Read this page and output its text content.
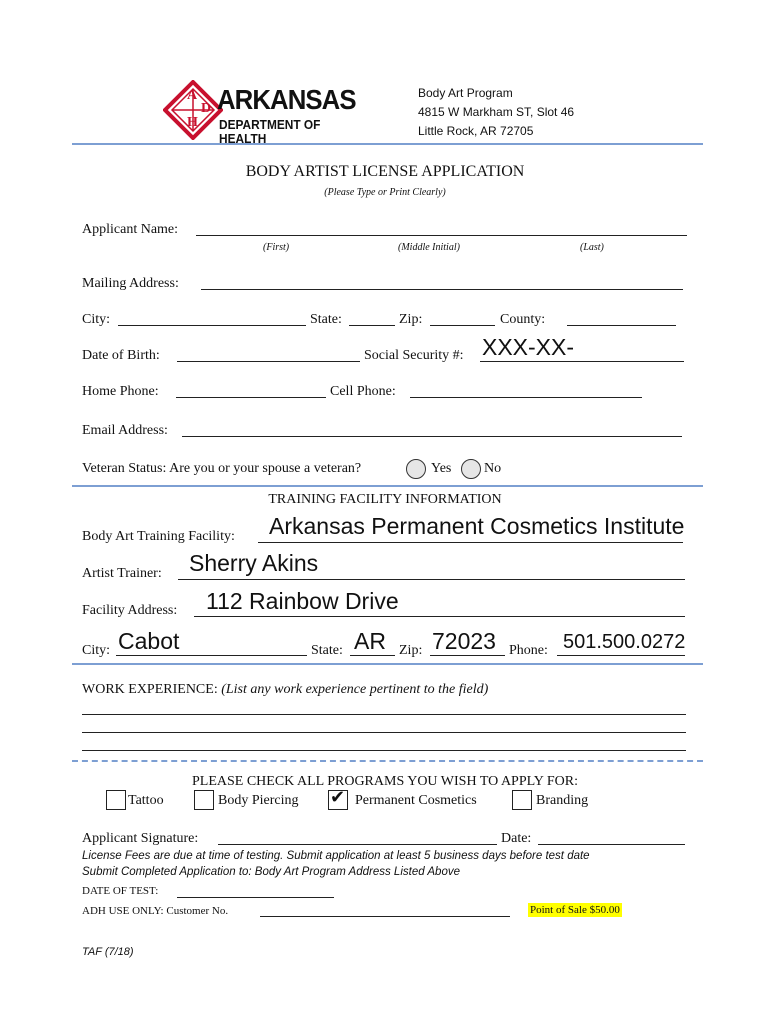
A
D
H
ARKANSAS
DEPARTMENT OF HEALTH
Body Art Program
4815 W Markham ST, Slot 46
Little Rock, AR 72705
BODY ARTIST LICENSE APPLICATION
(Please Type or Print Clearly)
Applicant Name:
(First)	(Middle Initial)	(Last)
Mailing Address:
City:	State:	Zip:	County:
Date of Birth:	Social Security #: XXX-XX-
Home Phone:	Cell Phone:
Email Address:
Veteran Status: Are you or your spouse a veteran?	Yes No
TRAINING FACILITY INFORMATION
Body Art Training Facility: Arkansas Permanent Cosmetics Institute
Artist Trainer: Sherry Akins
Facility Address: 112 Rainbow Drive
City: Cabot	State: AR Zip: 72023 Phone: 501.500.0272
WORK EXPERIENCE: (List any work experience pertinent to the field)
PLEASE CHECK ALL PROGRAMS YOU WISH TO APPLY FOR:
Tattoo	Body Piercing ✔ Permanent Cosmetics	Branding
Applicant Signature:	Date:
License Fees are due at time of testing. Submit application at least 5 business days before test date
Submit Completed Application to: Body Art Program Address Listed Above
DATE OF TEST:
ADH USE ONLY: Customer No.	Point of Sale $50.00
TAF (7/18)
